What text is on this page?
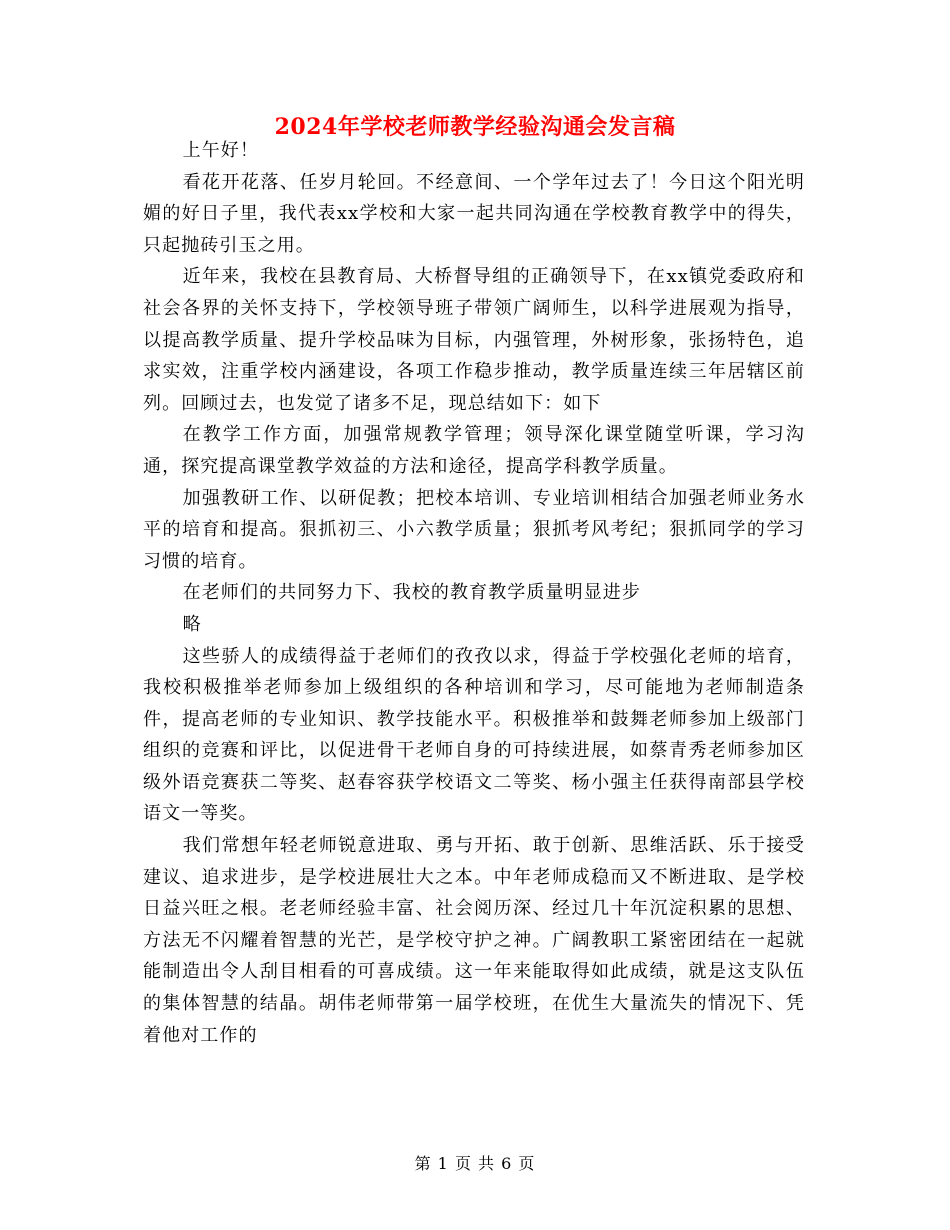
2024年学校老师教学经验沟通会发言稿

上午好！

看花开花落、任岁月轮回。不经意间、一个学年过去了！今日这个阳光明媚的好日子里，我代表xx学校和大家一起共同沟通在学校教育教学中的得失，只起抛砖引玉之用。

近年来，我校在县教育局、大桥督导组的正确领导下，在xx镇党委政府和社会各界的关怀支持下，学校领导班子带领广阔师生，以科学进展观为指导，以提高教学质量、提升学校品味为目标，内强管理，外树形象，张扬特色，追求实效，注重学校内涵建设，各项工作稳步推动，教学质量连续三年居辖区前列。回顾过去，也发觉了诸多不足，现总结如下：如下

在教学工作方面，加强常规教学管理；领导深化课堂随堂听课，学习沟通，探究提高课堂教学效益的方法和途径，提高学科教学质量。

加强教研工作、以研促教；把校本培训、专业培训相结合加强老师业务水平的培育和提高。狠抓初三、小六教学质量；狠抓考风考纪；狠抓同学的学习习惯的培育。

在老师们的共同努力下、我校的教育教学质量明显进步

略

这些骄人的成绩得益于老师们的孜孜以求，得益于学校强化老师的培育，我校积极推举老师参加上级组织的各种培训和学习，尽可能地为老师制造条件，提高老师的专业知识、教学技能水平。积极推举和鼓舞老师参加上级部门组织的竞赛和评比，以促进骨干老师自身的可持续进展，如蔡青秀老师参加区级外语竞赛获二等奖、赵春容获学校语文二等奖、杨小强主任获得南部县学校语文一等奖。

我们常想年轻老师锐意进取、勇与开拓、敢于创新、思维活跃、乐于接受建议、追求进步，是学校进展壮大之本。中年老师成稳而又不断进取、是学校日益兴旺之根。老老师经验丰富、社会阅历深、经过几十年沉淀积累的思想、方法无不闪耀着智慧的光芒，是学校守护之神。广阔教职工紧密团结在一起就能制造出令人刮目相看的可喜成绩。这一年来能取得如此成绩，就是这支队伍的集体智慧的结晶。胡伟老师带第一届学校班，在优生大量流失的情况下、凭着他对工作的

第 1 页 共 6 页
